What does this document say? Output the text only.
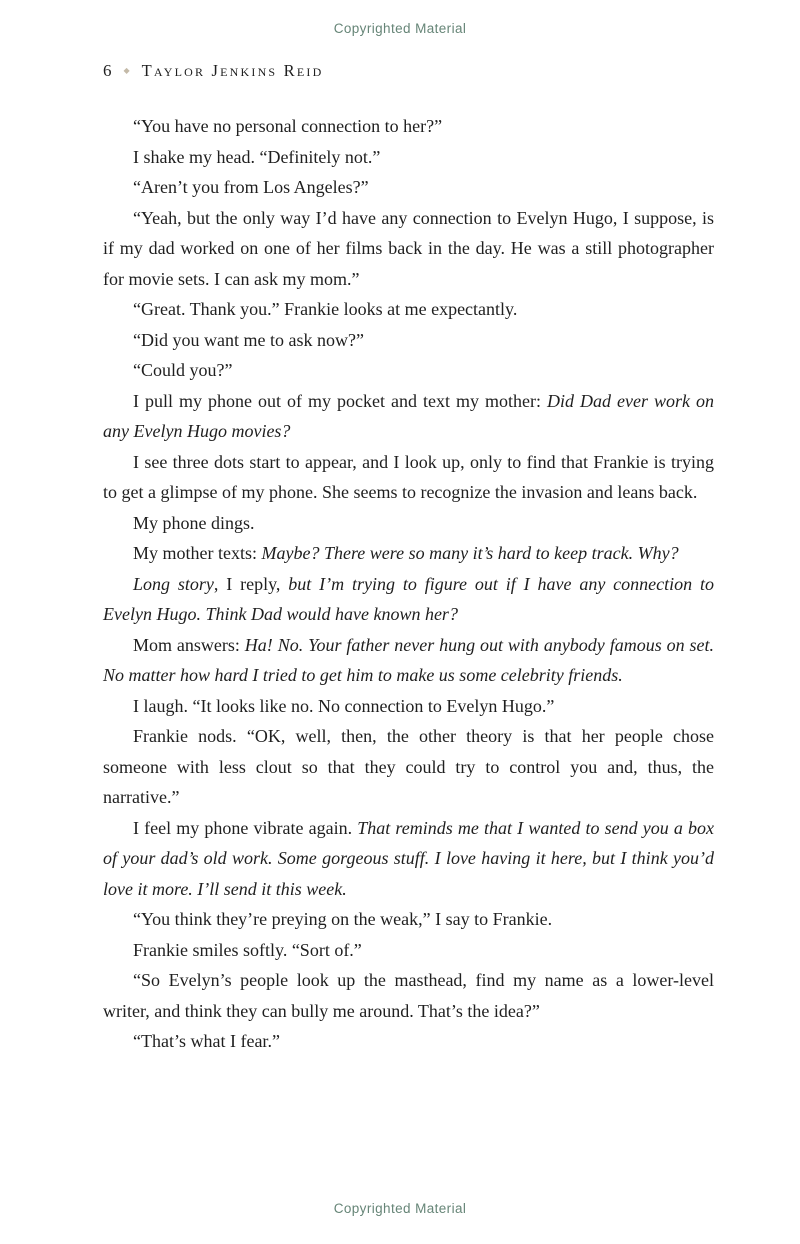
Copyrighted Material
6 ◆ Taylor Jenkins Reid

“You have no personal connection to her?”

I shake my head. “Definitely not.”

“Aren’t you from Los Angeles?”

“Yeah, but the only way I’d have any connection to Evelyn Hugo, I suppose, is if my dad worked on one of her films back in the day. He was a still photographer for movie sets. I can ask my mom.”

“Great. Thank you.” Frankie looks at me expectantly.

“Did you want me to ask now?”

“Could you?”

I pull my phone out of my pocket and text my mother: Did Dad ever work on any Evelyn Hugo movies?

I see three dots start to appear, and I look up, only to find that Frankie is trying to get a glimpse of my phone. She seems to recognize the invasion and leans back.

My phone dings.

My mother texts: Maybe? There were so many it’s hard to keep track. Why?

Long story, I reply, but I’m trying to figure out if I have any connection to Evelyn Hugo. Think Dad would have known her?

Mom answers: Ha! No. Your father never hung out with anybody famous on set. No matter how hard I tried to get him to make us some celebrity friends.

I laugh. “It looks like no. No connection to Evelyn Hugo.”

Frankie nods. “OK, well, then, the other theory is that her people chose someone with less clout so that they could try to control you and, thus, the narrative.”

I feel my phone vibrate again. That reminds me that I wanted to send you a box of your dad’s old work. Some gorgeous stuff. I love having it here, but I think you’d love it more. I’ll send it this week.

“You think they’re preying on the weak,” I say to Frankie.

Frankie smiles softly. “Sort of.”

“So Evelyn’s people look up the masthead, find my name as a lower-level writer, and think they can bully me around. That’s the idea?”

“That’s what I fear.”

Copyrighted Material
